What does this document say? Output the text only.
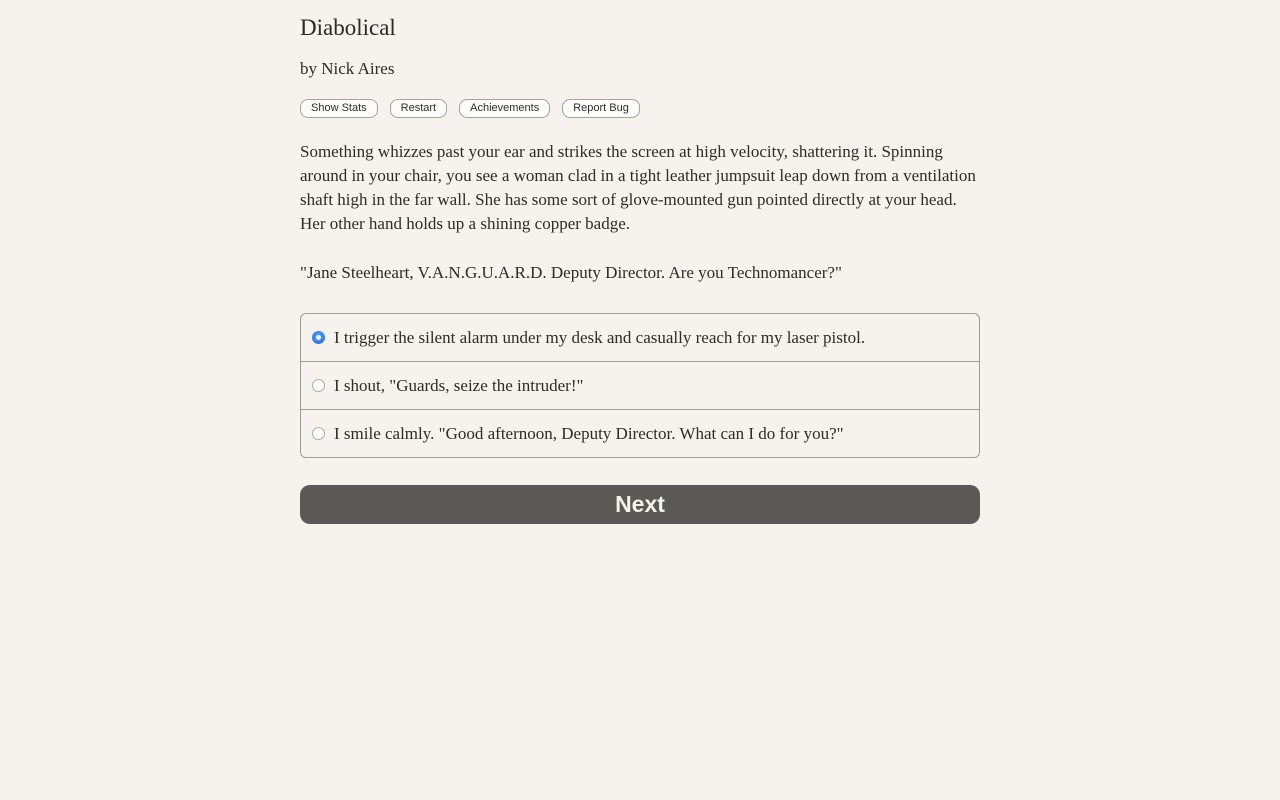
Diabolical

by Nick Aires

Show Stats	Restart	Achievements	Report Bug

Something whizzes past your ear and strikes the screen at high velocity, shattering it. Spinning around in your chair, you see a woman clad in a tight leather jumpsuit leap down from a ventilation shaft high in the far wall. She has some sort of glove-mounted gun pointed directly at your head. Her other hand holds up a shining copper badge.

"Jane Steelheart, V.A.N.G.U.A.R.D. Deputy Director. Are you Technomancer?"

I trigger the silent alarm under my desk and casually reach for my laser pistol.
I shout, "Guards, seize the intruder!"
I smile calmly. "Good afternoon, Deputy Director. What can I do for you?"
Next
